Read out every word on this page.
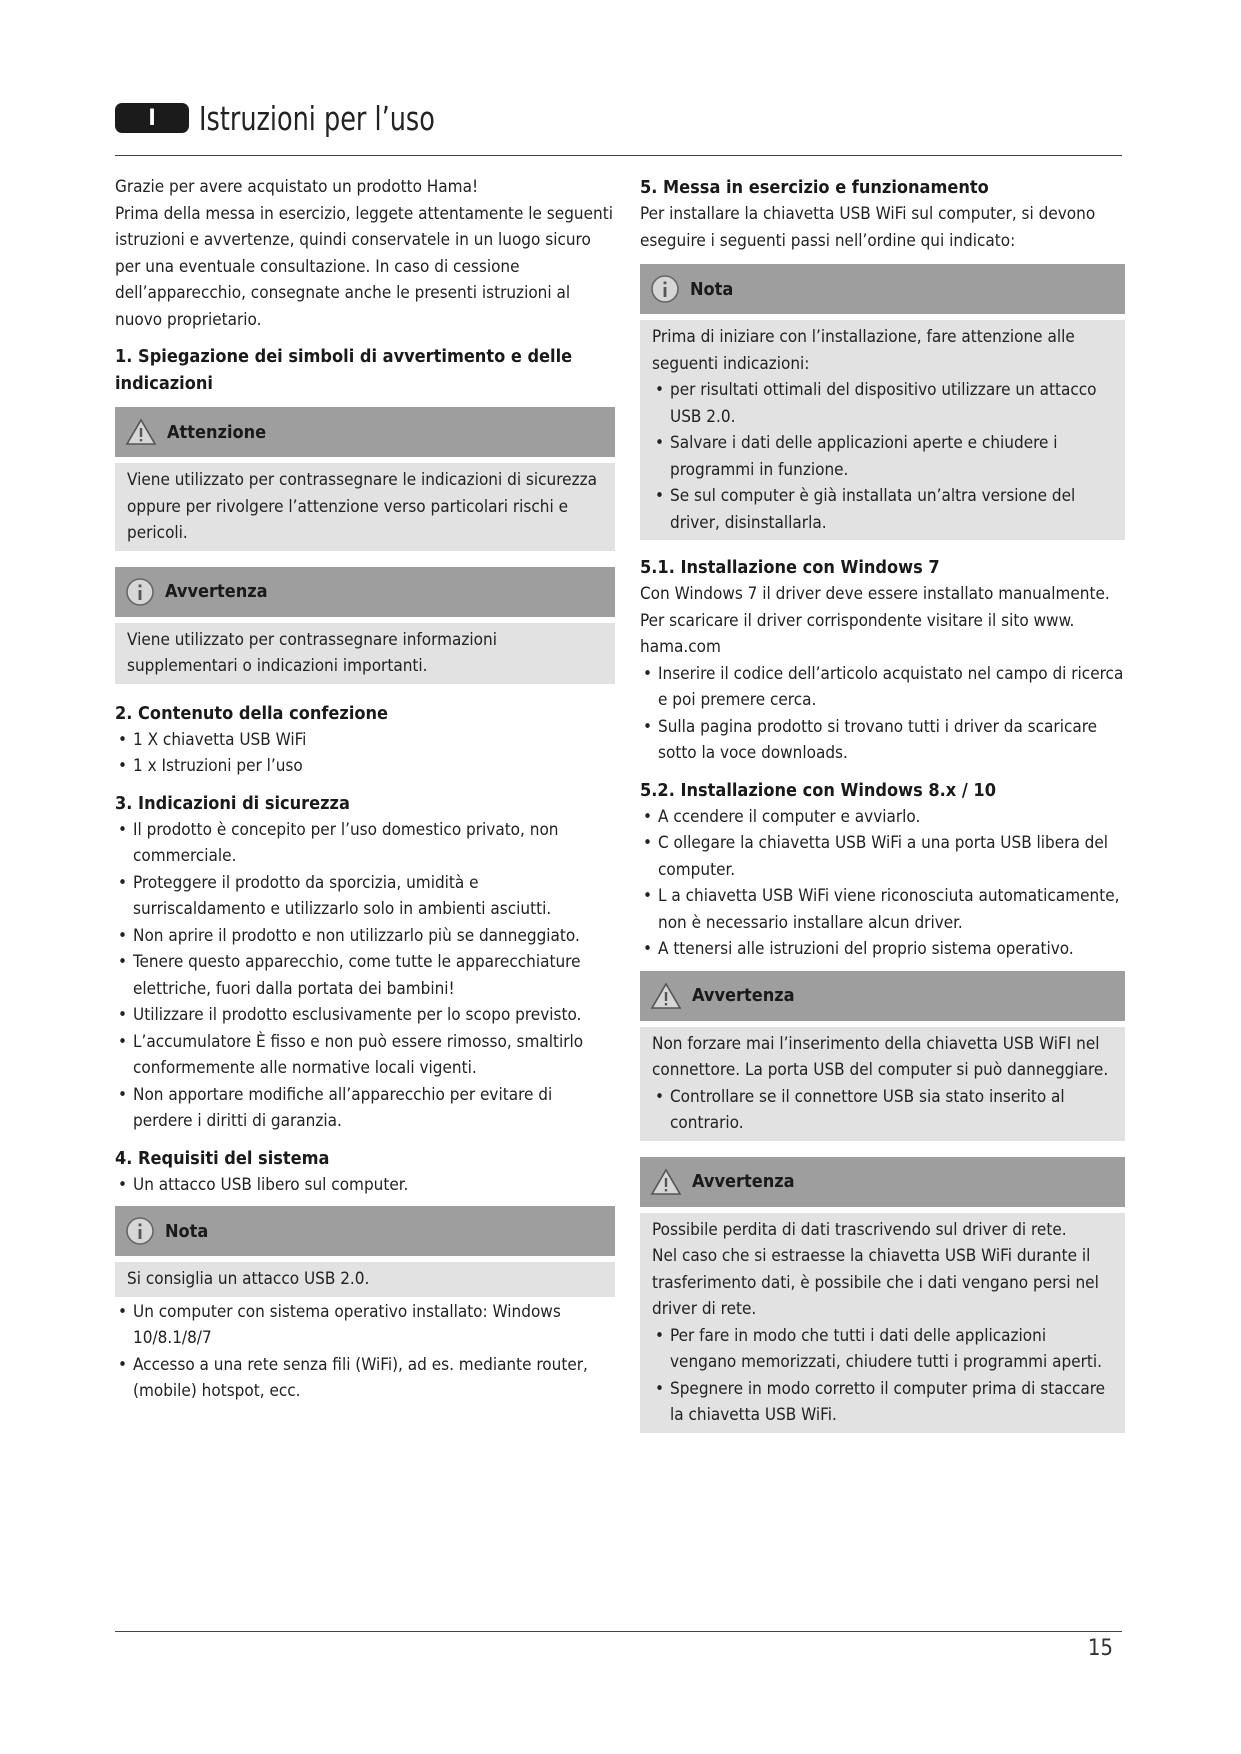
I	Istruzioni per l’uso

Grazie per avere acquistato un prodotto Hama!

Prima della messa in esercizio, leggete attentamente le seguenti istruzioni e avvertenze, quindi conservatele in un luogo sicuro per una eventuale consultazione. In caso di cessione dell’apparecchio, consegnate anche le presenti istruzioni al nuovo proprietario.

1. Spiegazione dei simboli di avvertimento e delle indicazioni

Attenzione

Viene utilizzato per contrassegnare le indicazioni di sicurezza oppure per rivolgere l’attenzione verso particolari rischi e pericoli.

Avvertenza

Viene utilizzato per contrassegnare informazioni supplementari o indicazioni importanti.

2. Contenuto della confezione

• 1 X chiavetta USB WiFi
• 1 x Istruzioni per l’uso

3. Indicazioni di sicurezza

• Il prodotto è concepito per l’uso domestico privato, non commerciale.
• Proteggere il prodotto da sporcizia, umidità e surriscaldamento e utilizzarlo solo in ambienti asciutti.
• Non aprire il prodotto e non utilizzarlo più se danneggiato.
• Tenere questo apparecchio, come tutte le apparecchiature elettriche, fuori dalla portata dei bambini!
• Utilizzare il prodotto esclusivamente per lo scopo previsto.
• L’accumulatore È fisso e non può essere rimosso, smaltirlo conformemente alle normative locali vigenti.
• Non apportare modifiche all’apparecchio per evitare di perdere i diritti di garanzia.

4. Requisiti del sistema

• Un attacco USB libero sul computer.
Nota

Si consiglia un attacco USB 2.0.

• Un computer con sistema operativo installato: Windows 10/8.1/8/7
• Accesso a una rete senza fili (WiFi), ad es. mediante router, (mobile) hotspot, ecc.

5. Messa in esercizio e funzionamento

Per installare la chiavetta USB WiFi sul computer, si devono eseguire i seguenti passi nell’ordine qui indicato:

Nota

Prima di iniziare con l’installazione, fare attenzione alle seguenti indicazioni:

• per risultati ottimali del dispositivo utilizzare un attacco USB 2.0.
• Salvare i dati delle applicazioni aperte e chiudere i programmi in funzione.
• Se sul computer è già installata un’altra versione del driver, disinstallarla.

5.1. Installazione con Windows 7

Con Windows 7 il driver deve essere installato manualmente. Per scaricare il driver corrispondente visitare il sito www. hama.com

• Inserire il codice dell’articolo acquistato nel campo di ricerca e poi premere cerca.
• Sulla pagina prodotto si trovano tutti i driver da scaricare sotto la voce downloads.

5.2. Installazione con Windows 8.x / 10

• A ccendere il computer e avviarlo.
• C ollegare la chiavetta USB WiFi a una porta USB libera del computer.
• L a chiavetta USB WiFi viene riconosciuta automaticamente, non è necessario installare alcun driver.
• A ttenersi alle istruzioni del proprio sistema operativo.
Avvertenza

Non forzare mai l’inserimento della chiavetta USB WiFI nel connettore. La porta USB del computer si può danneggiare.

• Controllare se il connettore USB sia stato inserito al contrario.
Avvertenza

Possibile perdita di dati trascrivendo sul driver di rete.

Nel caso che si estraesse la chiavetta USB WiFi durante il trasferimento dati, è possibile che i dati vengano persi nel driver di rete.

• Per fare in modo che tutti i dati delle applicazioni vengano memorizzati, chiudere tutti i programmi aperti.
• Spegnere in modo corretto il computer prima di staccare la chiavetta USB WiFi.
15
